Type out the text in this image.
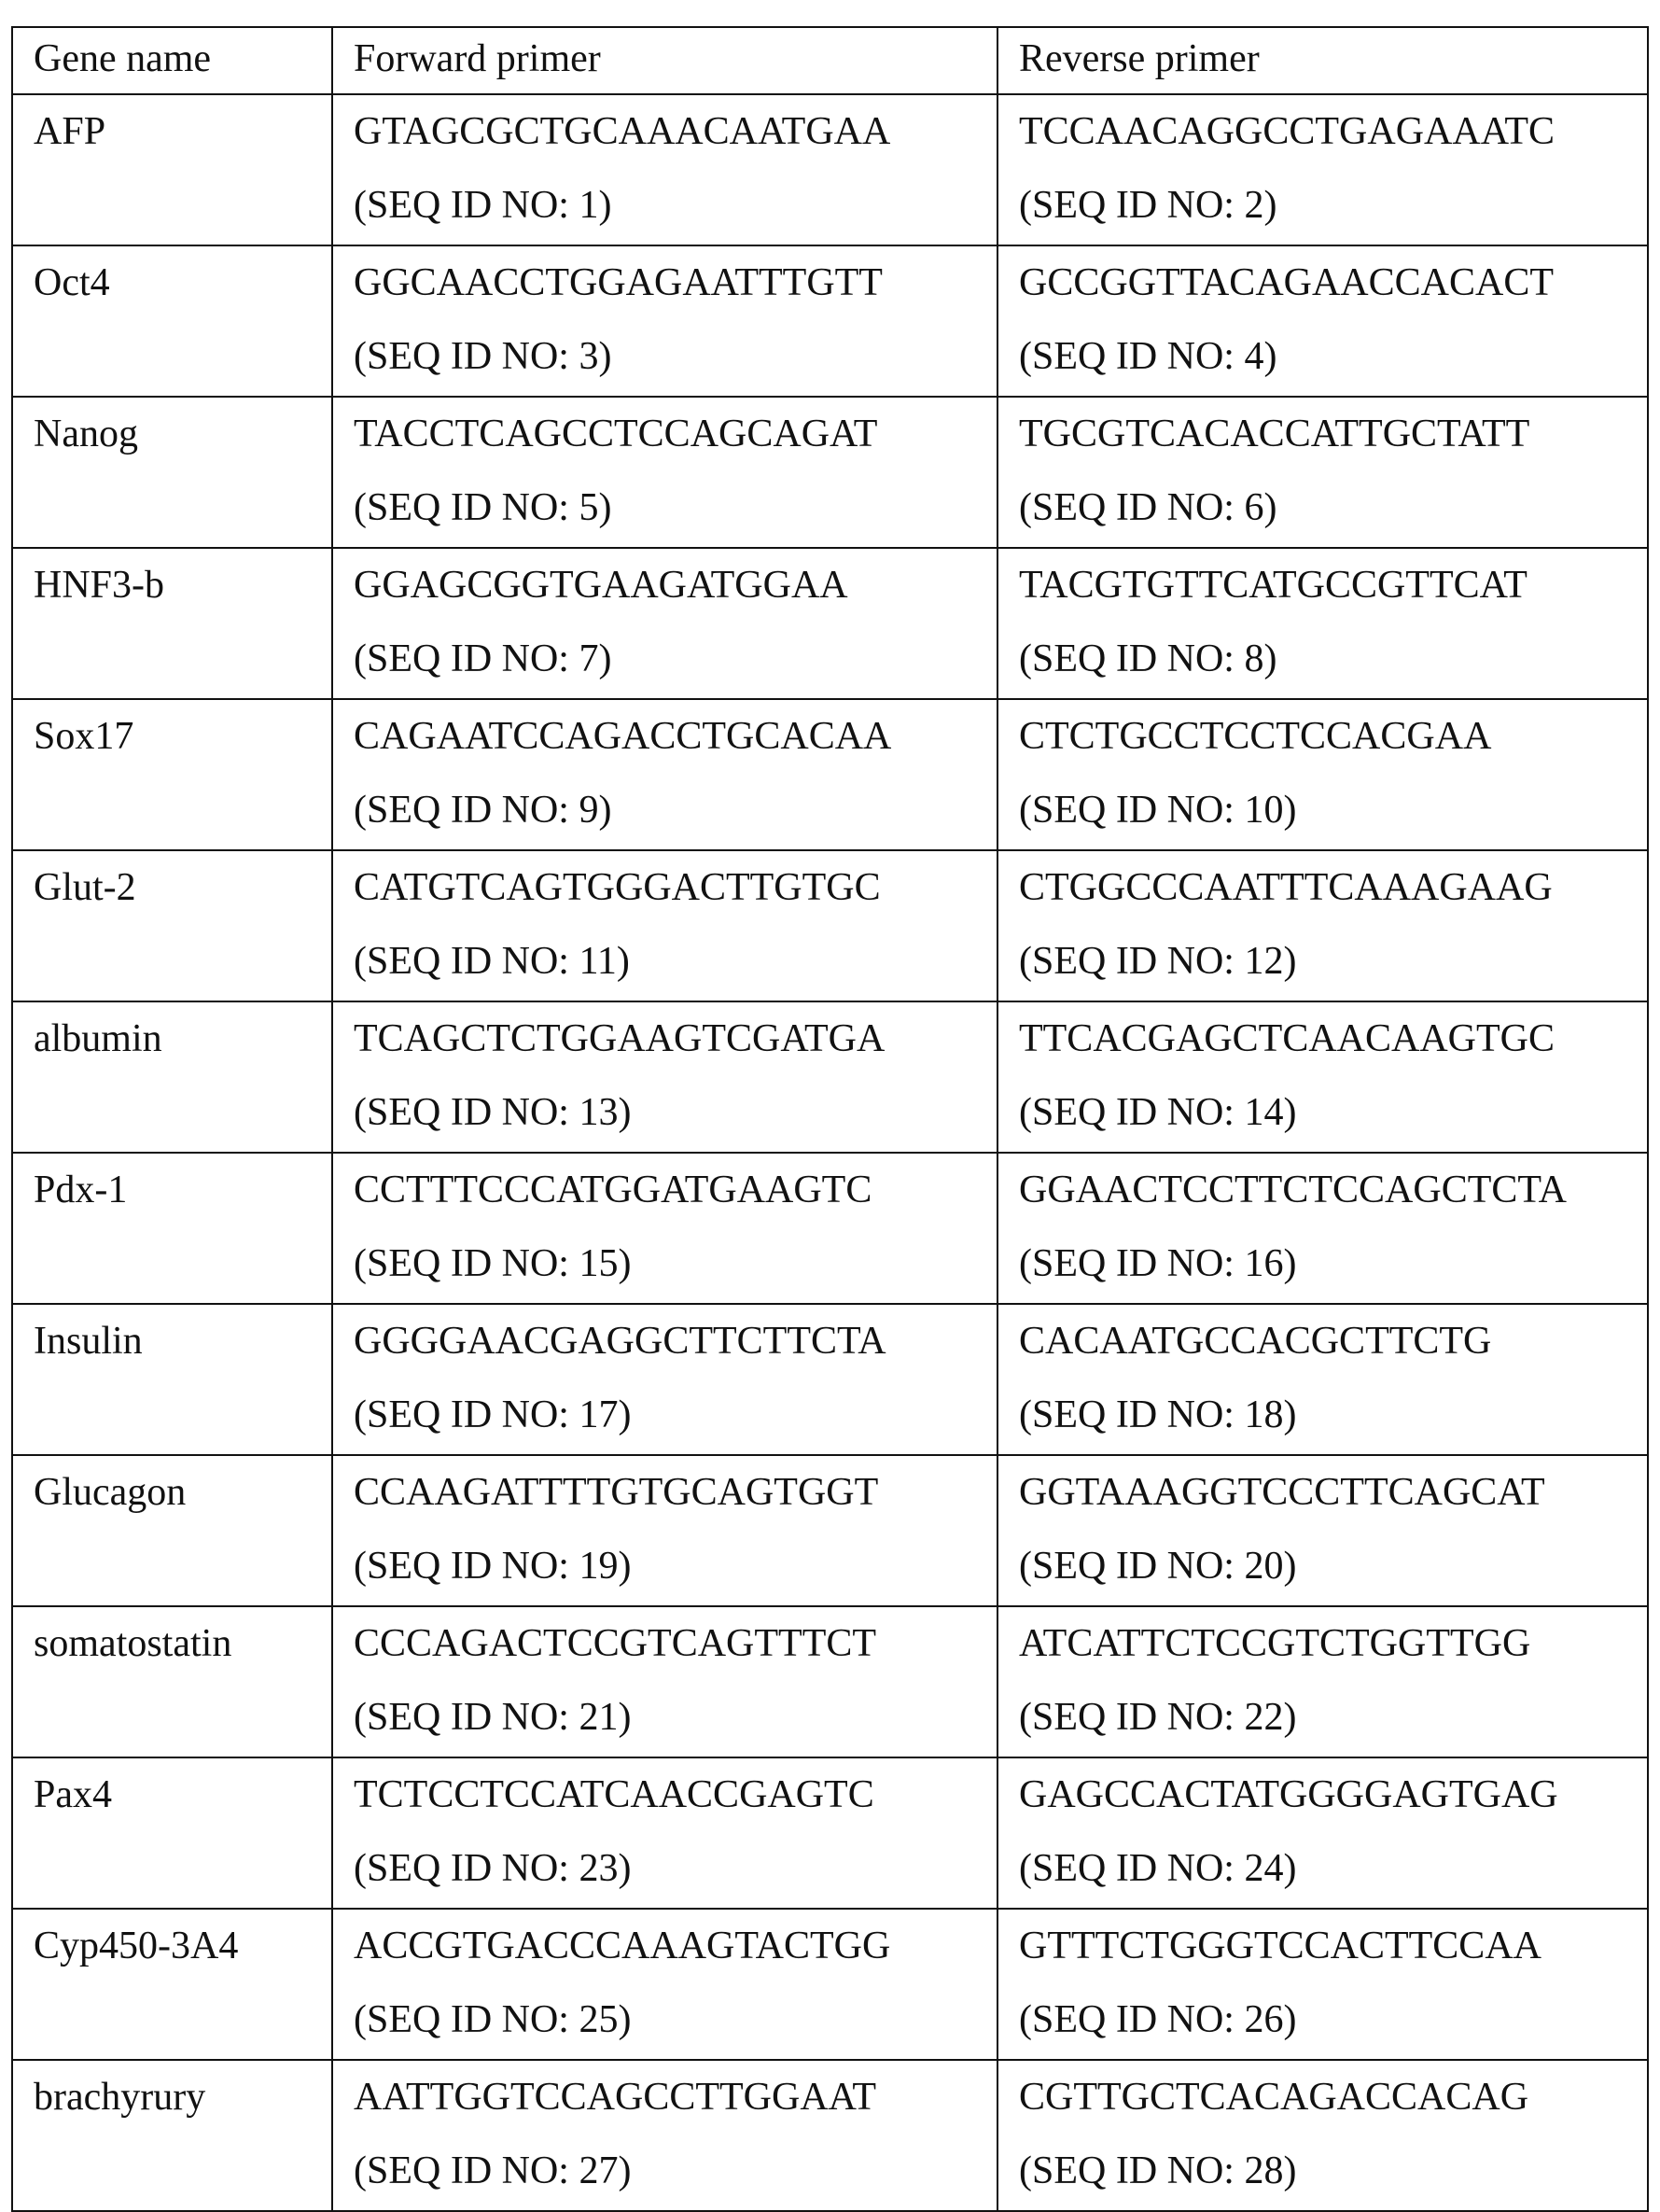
Gene name	Forward primer	Reverse primer

AFP	GTAGCGCTGCAAACAATGAA
(SEQ ID NO: 1)

TCCAACAGGCCTGAGAAATC
(SEQ ID NO: 2)

Oct4	GGCAACCTGGAGAATTTGTT
(SEQ ID NO: 3)

GCCGGTTACAGAACCACACT
(SEQ ID NO: 4)

Nanog	TACCTCAGCCTCCAGCAGAT
(SEQ ID NO: 5)

TGCGTCACACCATTGCTATT
(SEQ ID NO: 6)

HNF3-b	GGAGCGGTGAAGATGGAA
(SEQ ID NO: 7)

TACGTGTTCATGCCGTTCAT
(SEQ ID NO: 8)

Sox17	CAGAATCCAGACCTGCACAA
(SEQ ID NO: 9)

CTCTGCCTCCTCCACGAA
(SEQ ID NO: 10)

Glut-2	CATGTCAGTGGGACTTGTGC
(SEQ ID NO: 11)

CTGGCCCAATTTCAAAGAAG
(SEQ ID NO: 12)

albumin	TCAGCTCTGGAAGTCGATGA
(SEQ ID NO: 13)

TTCACGAGCTCAACAAGTGC
(SEQ ID NO: 14)

Pdx-1	CCTTTCCCATGGATGAAGTC
(SEQ ID NO: 15)

GGAACTCCTTCTCCAGCTCTA
(SEQ ID NO: 16)

Insulin	GGGGAACGAGGCTTCTTCTA
(SEQ ID NO: 17)

CACAATGCCACGCTTCTG
(SEQ ID NO: 18)

Glucagon	CCAAGATTTTGTGCAGTGGT
(SEQ ID NO: 19)

GGTAAAGGTCCCTTCAGCAT
(SEQ ID NO: 20)

somatostatin	CCCAGACTCCGTCAGTTTCT
(SEQ ID NO: 21)

ATCATTCTCCGTCTGGTTGG
(SEQ ID NO: 22)

Pax4	TCTCCTCCATCAACCGAGTC
(SEQ ID NO: 23)

GAGCCACTATGGGGAGTGAG
(SEQ ID NO: 24)

Cyp450-3A4	ACCGTGACCCAAAGTACTGG
(SEQ ID NO: 25)

GTTTCTGGGTCCACTTCCAA
(SEQ ID NO: 26)

brachyrury	AATTGGTCCAGCCTTGGAAT
(SEQ ID NO: 27)

CGTTGCTCACAGACCACAG
(SEQ ID NO: 28)
